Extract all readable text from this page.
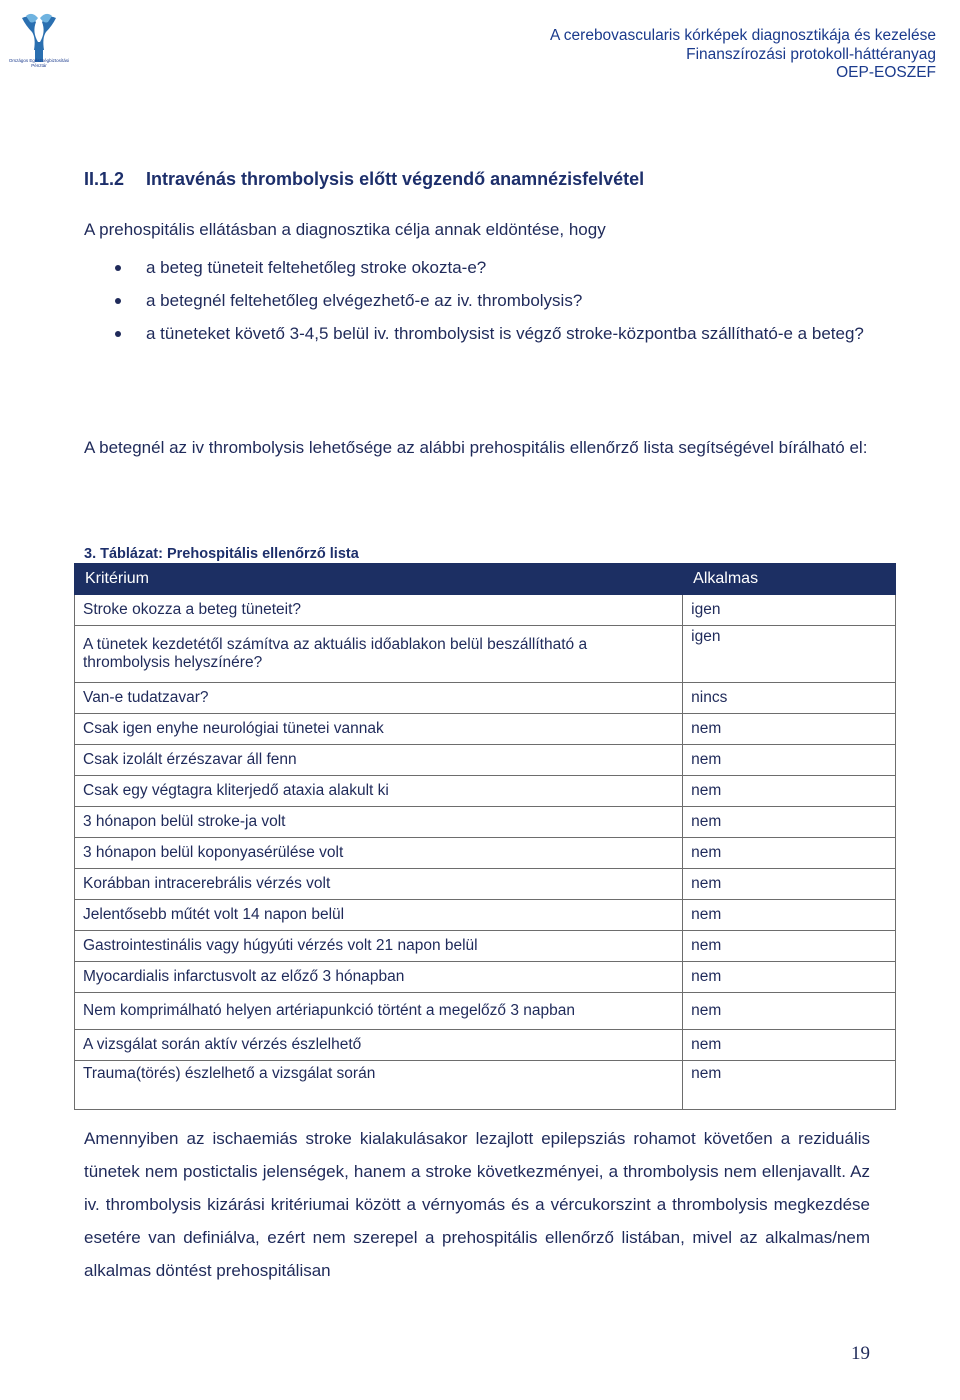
Országos Egészségbiztosítási Pénztár
A cerebovascularis kórképek diagnosztikája és kezelése
Finanszírozási protokoll-háttéranyag
OEP-EOSZEF
II.1.2 Intravénás thrombolysis előtt végzendő anamnézisfelvétel
A prehospitális ellátásban a diagnosztika célja annak eldöntése, hogy
a beteg tüneteit feltehetőleg stroke okozta-e?
a betegnél feltehetőleg elvégezhető-e az iv. thrombolysis?
a tüneteket követő 3-4,5 belül iv. thrombolysist is végző stroke-központba szállítható-e a beteg?
A betegnél az iv thrombolysis lehetősége az alábbi prehospitális ellenőrző lista segítségével bírálható el:
3. Táblázat: Prehospitális ellenőrző lista
Kritérium	Alkalmas
Stroke okozza a beteg tüneteit?	igen
A tünetek kezdetétől számítva az aktuális időablakon belül beszállítható a thrombolysis helyszínére?	igen
Van-e tudatzavar?	nincs
Csak igen enyhe neurológiai tünetei vannak	nem
Csak izolált érzészavar áll fenn	nem
Csak egy végtagra kliterjedő ataxia alakult ki	nem
3 hónapon belül stroke-ja volt	nem
3 hónapon belül koponyasérülése volt	nem
Korábban intracerebrális vérzés volt	nem
Jelentősebb műtét volt 14 napon belül	nem
Gastrointestinális vagy húgyúti vérzés volt 21 napon belül	nem
Myocardialis infarctusvolt az előző 3 hónapban	nem
Nem komprimálható helyen artériapunkció történt a megelőző 3 napban	nem
A vizsgálat során aktív vérzés észlelhető	nem
Trauma(törés) észlelhető a vizsgálat során	nem
Amennyiben az ischaemiás stroke kialakulásakor lezajlott epilepsziás rohamot követően a reziduális tünetek nem postictalis jelenségek, hanem a stroke következményei, a thrombolysis nem ellenjavallt. Az iv. thrombolysis kizárási kritériumai között a vérnyomás és a vércukorszint a thrombolysis megkezdése esetére van definiálva, ezért nem szerepel a prehospitális ellenőrző listában, mivel az alkalmas/nem alkalmas döntést prehospitálisan
19
